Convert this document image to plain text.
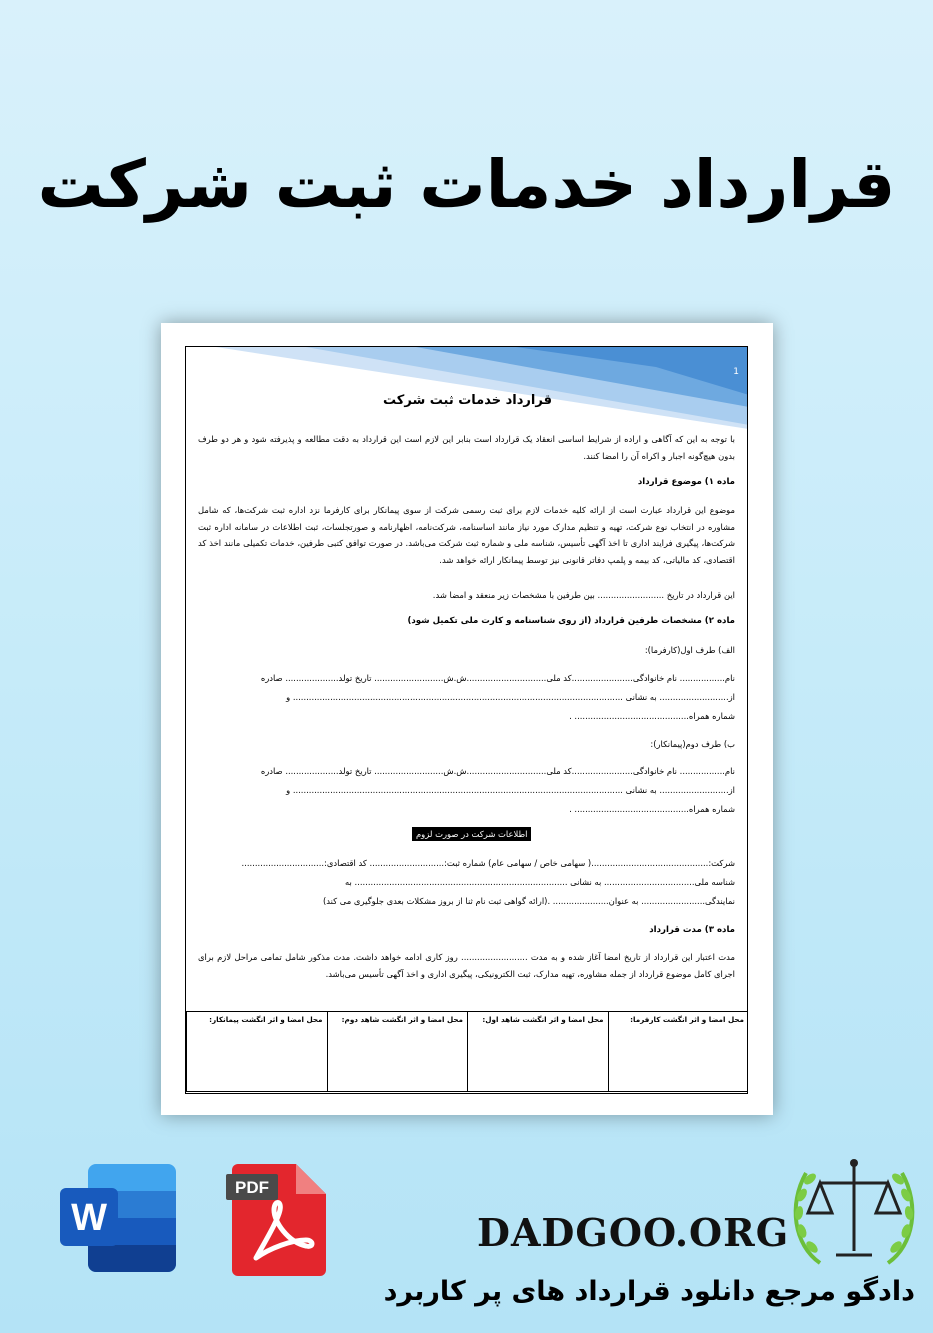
قرارداد خدمات ثبت شرکت
1
قرارداد خدمات ثبت شرکت
با توجه به این که آگاهی و اراده از شرایط اساسی انعقاد یک قرارداد است بنابر این لازم است این قرارداد به دقت مطالعه و پذیرفته شود و هر دو طرف بدون هیچ‌گونه اجبار و اکراه آن را امضا کنند.
ماده ۱) موضوع قرارداد
موضوع این قرارداد عبارت است از ارائه کلیه خدمات لازم برای ثبت رسمی شرکت از سوی پیمانکار برای کارفرما نزد اداره ثبت شرکت‌ها، که شامل مشاوره در انتخاب نوع شرکت، تهیه و تنظیم مدارک مورد نیاز مانند اساسنامه، شرکت‌نامه، اظهارنامه و صورتجلسات، ثبت اطلاعات در سامانه اداره ثبت شرکت‌ها، پیگیری فرایند اداری تا اخذ آگهی تأسیس، شناسه ملی و شماره ثبت شرکت می‌باشد. در صورت توافق کتبی طرفین، خدمات تکمیلی مانند اخذ کد اقتصادی، کد مالیاتی، کد بیمه و پلمپ دفاتر قانونی نیز توسط پیمانکار ارائه خواهد شد.
این قرارداد در تاریخ ......................... بین طرفین با مشخصات زیر منعقد و امضا شد.
ماده ۲) مشخصات طرفین قرارداد (از روی شناسنامه و کارت ملی تکمیل شود)
الف) طرف اول(کارفرما):
نام................. نام خانوادگی.......................کد ملی..............................ش.ش.......................... تاریخ تولد.................... صادره
از.......................... به نشانی ............................................................................................................................ و
شماره همراه........................................... .
ب) طرف دوم(پیمانکار):
نام................. نام خانوادگی.......................کد ملی..............................ش.ش.......................... تاریخ تولد.................... صادره
از.......................... به نشانی ............................................................................................................................ و
شماره همراه........................................... .
اطلاعات شرکت در صورت لزوم
شرکت:............................................( سهامی خاص / سهامی عام) شماره ثبت:............................ کد اقتصادی:...............................
شناسه ملی.................................. به نشانی ................................................................................ به
نمایندگی........................ به عنوان..................... .(ارائه گواهی ثبت نام ثنا از بروز مشکلات بعدی جلوگیری می کند)
ماده ۳) مدت قرارداد
مدت اعتبار این قرارداد از تاریخ امضا آغاز شده و به مدت ......................... روز کاری ادامه خواهد داشت. مدت مذکور شامل تمامی مراحل لازم برای اجرای کامل موضوع قرارداد از جمله مشاوره، تهیه مدارک، ثبت الکترونیکی، پیگیری اداری و اخذ آگهی تأسیس می‌باشد.
محل امضا و اثر انگشت کارفرما:	محل امضا و اثر انگشت شاهد اول:	محل امضا و اثر انگشت شاهد دوم:	محل امضا و اثر انگشت پیمانکار:
W
PDF
DADGOO.ORG
دادگو مرجع دانلود قرارداد های پر کاربرد
